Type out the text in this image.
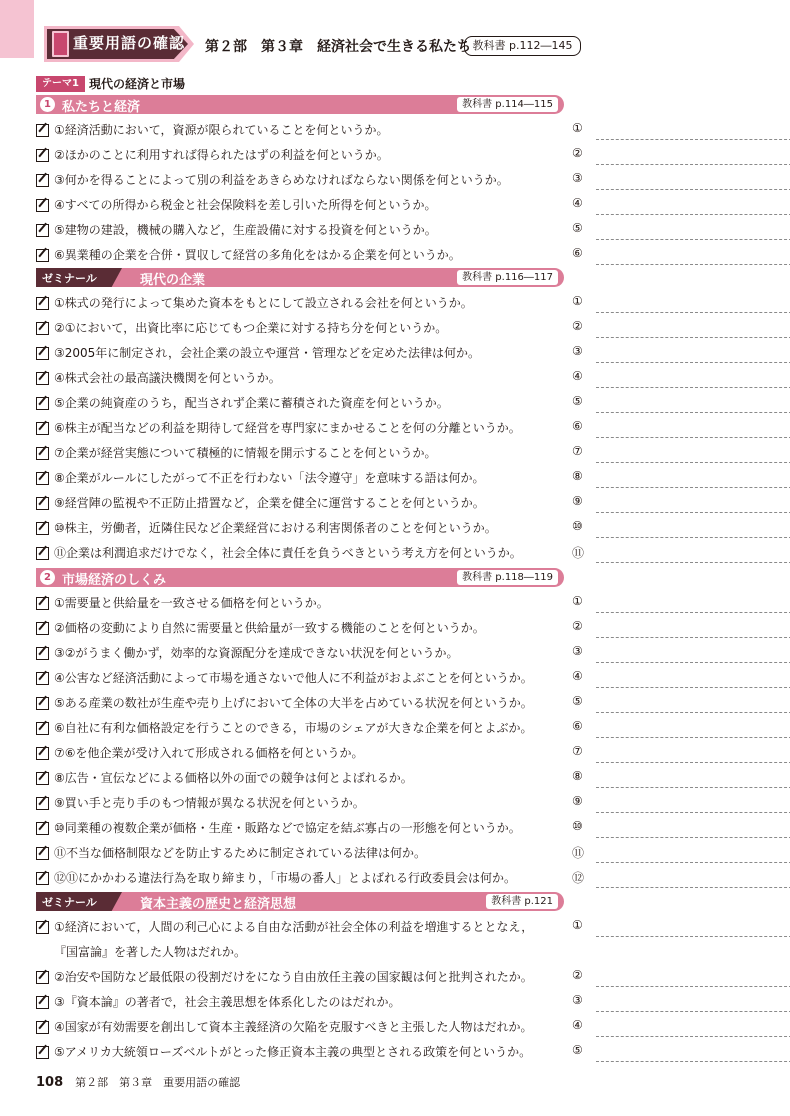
重要用語の確認 第２部　第３章　経済社会で生きる私たち 教科書 p.112―145
テーマ1 現代の経済と市場
1 私たちと経済	教科書 p.114―115
①経済活動において，資源が限られていることを何というか。	①
②ほかのことに利用すれば得られたはずの利益を何というか。	②
③何かを得ることによって別の利益をあきらめなければならない関係を何というか。	③
④すべての所得から税金と社会保険料を差し引いた所得を何というか。	④
⑤建物の建設，機械の購入など，生産設備に対する投資を何というか。	⑤
⑥異業種の企業を合併・買収して経営の多角化をはかる企業を何というか。	⑥
ゼミナール	現代の企業	教科書 p.116―117
①株式の発行によって集めた資本をもとにして設立される会社を何というか。	①
②①において，出資比率に応じてもつ企業に対する持ち分を何というか。	②
③2005年に制定され，会社企業の設立や運営・管理などを定めた法律は何か。	③
④株式会社の最高議決機関を何というか。	④
⑤企業の純資産のうち，配当されず企業に蓄積された資産を何というか。	⑤
⑥株主が配当などの利益を期待して経営を専門家にまかせることを何の分離というか。	⑥
⑦企業が経営実態について積極的に情報を開示することを何というか。	⑦
⑧企業がルールにしたがって不正を行わない「法令遵守」を意味する語は何か。	⑧
⑨経営陣の監視や不正防止措置など，企業を健全に運営することを何というか。	⑨
⑩株主，労働者，近隣住民など企業経営における利害関係者のことを何というか。	⑩
⑪企業は利潤追求だけでなく，社会全体に責任を負うべきという考え方を何というか。	⑪
2 市場経済のしくみ	教科書 p.118―119
①需要量と供給量を一致させる価格を何というか。	①
②価格の変動により自然に需要量と供給量が一致する機能のことを何というか。	②
③②がうまく働かず，効率的な資源配分を達成できない状況を何というか。	③
④公害など経済活動によって市場を通さないで他人に不利益がおよぶことを何というか。	④
⑤ある産業の数社が生産や売り上げにおいて全体の大半を占めている状況を何というか。	⑤
⑥自社に有利な価格設定を行うことのできる，市場のシェアが大きな企業を何とよぶか。	⑥
⑦⑥を他企業が受け入れて形成される価格を何というか。	⑦
⑧広告・宣伝などによる価格以外の面での競争は何とよばれるか。	⑧
⑨買い手と売り手のもつ情報が異なる状況を何というか。	⑨
⑩同業種の複数企業が価格・生産・販路などで協定を結ぶ寡占の一形態を何というか。	⑩
⑪不当な価格制限などを防止するために制定されている法律は何か。	⑪
⑫⑪にかかわる違法行為を取り締まり，「市場の番人」とよばれる行政委員会は何か。	⑫
ゼミナール	資本主義の歴史と経済思想	教科書 p.121
①経済において，人間の利己心による自由な活動が社会全体の利益を増進するととなえ，	①
『国富論』を著した人物はだれか。
②治安や国防など最低限の役割だけをになう自由放任主義の国家観は何と批判されたか。	②
③『資本論』の著者で，社会主義思想を体系化したのはだれか。	③
④国家が有効需要を創出して資本主義経済の欠陥を克服すべきと主張した人物はだれか。	④
⑤アメリカ大統領ローズベルトがとった修正資本主義の典型とされる政策を何というか。	⑤
108 第２部　第３章　重要用語の確認
